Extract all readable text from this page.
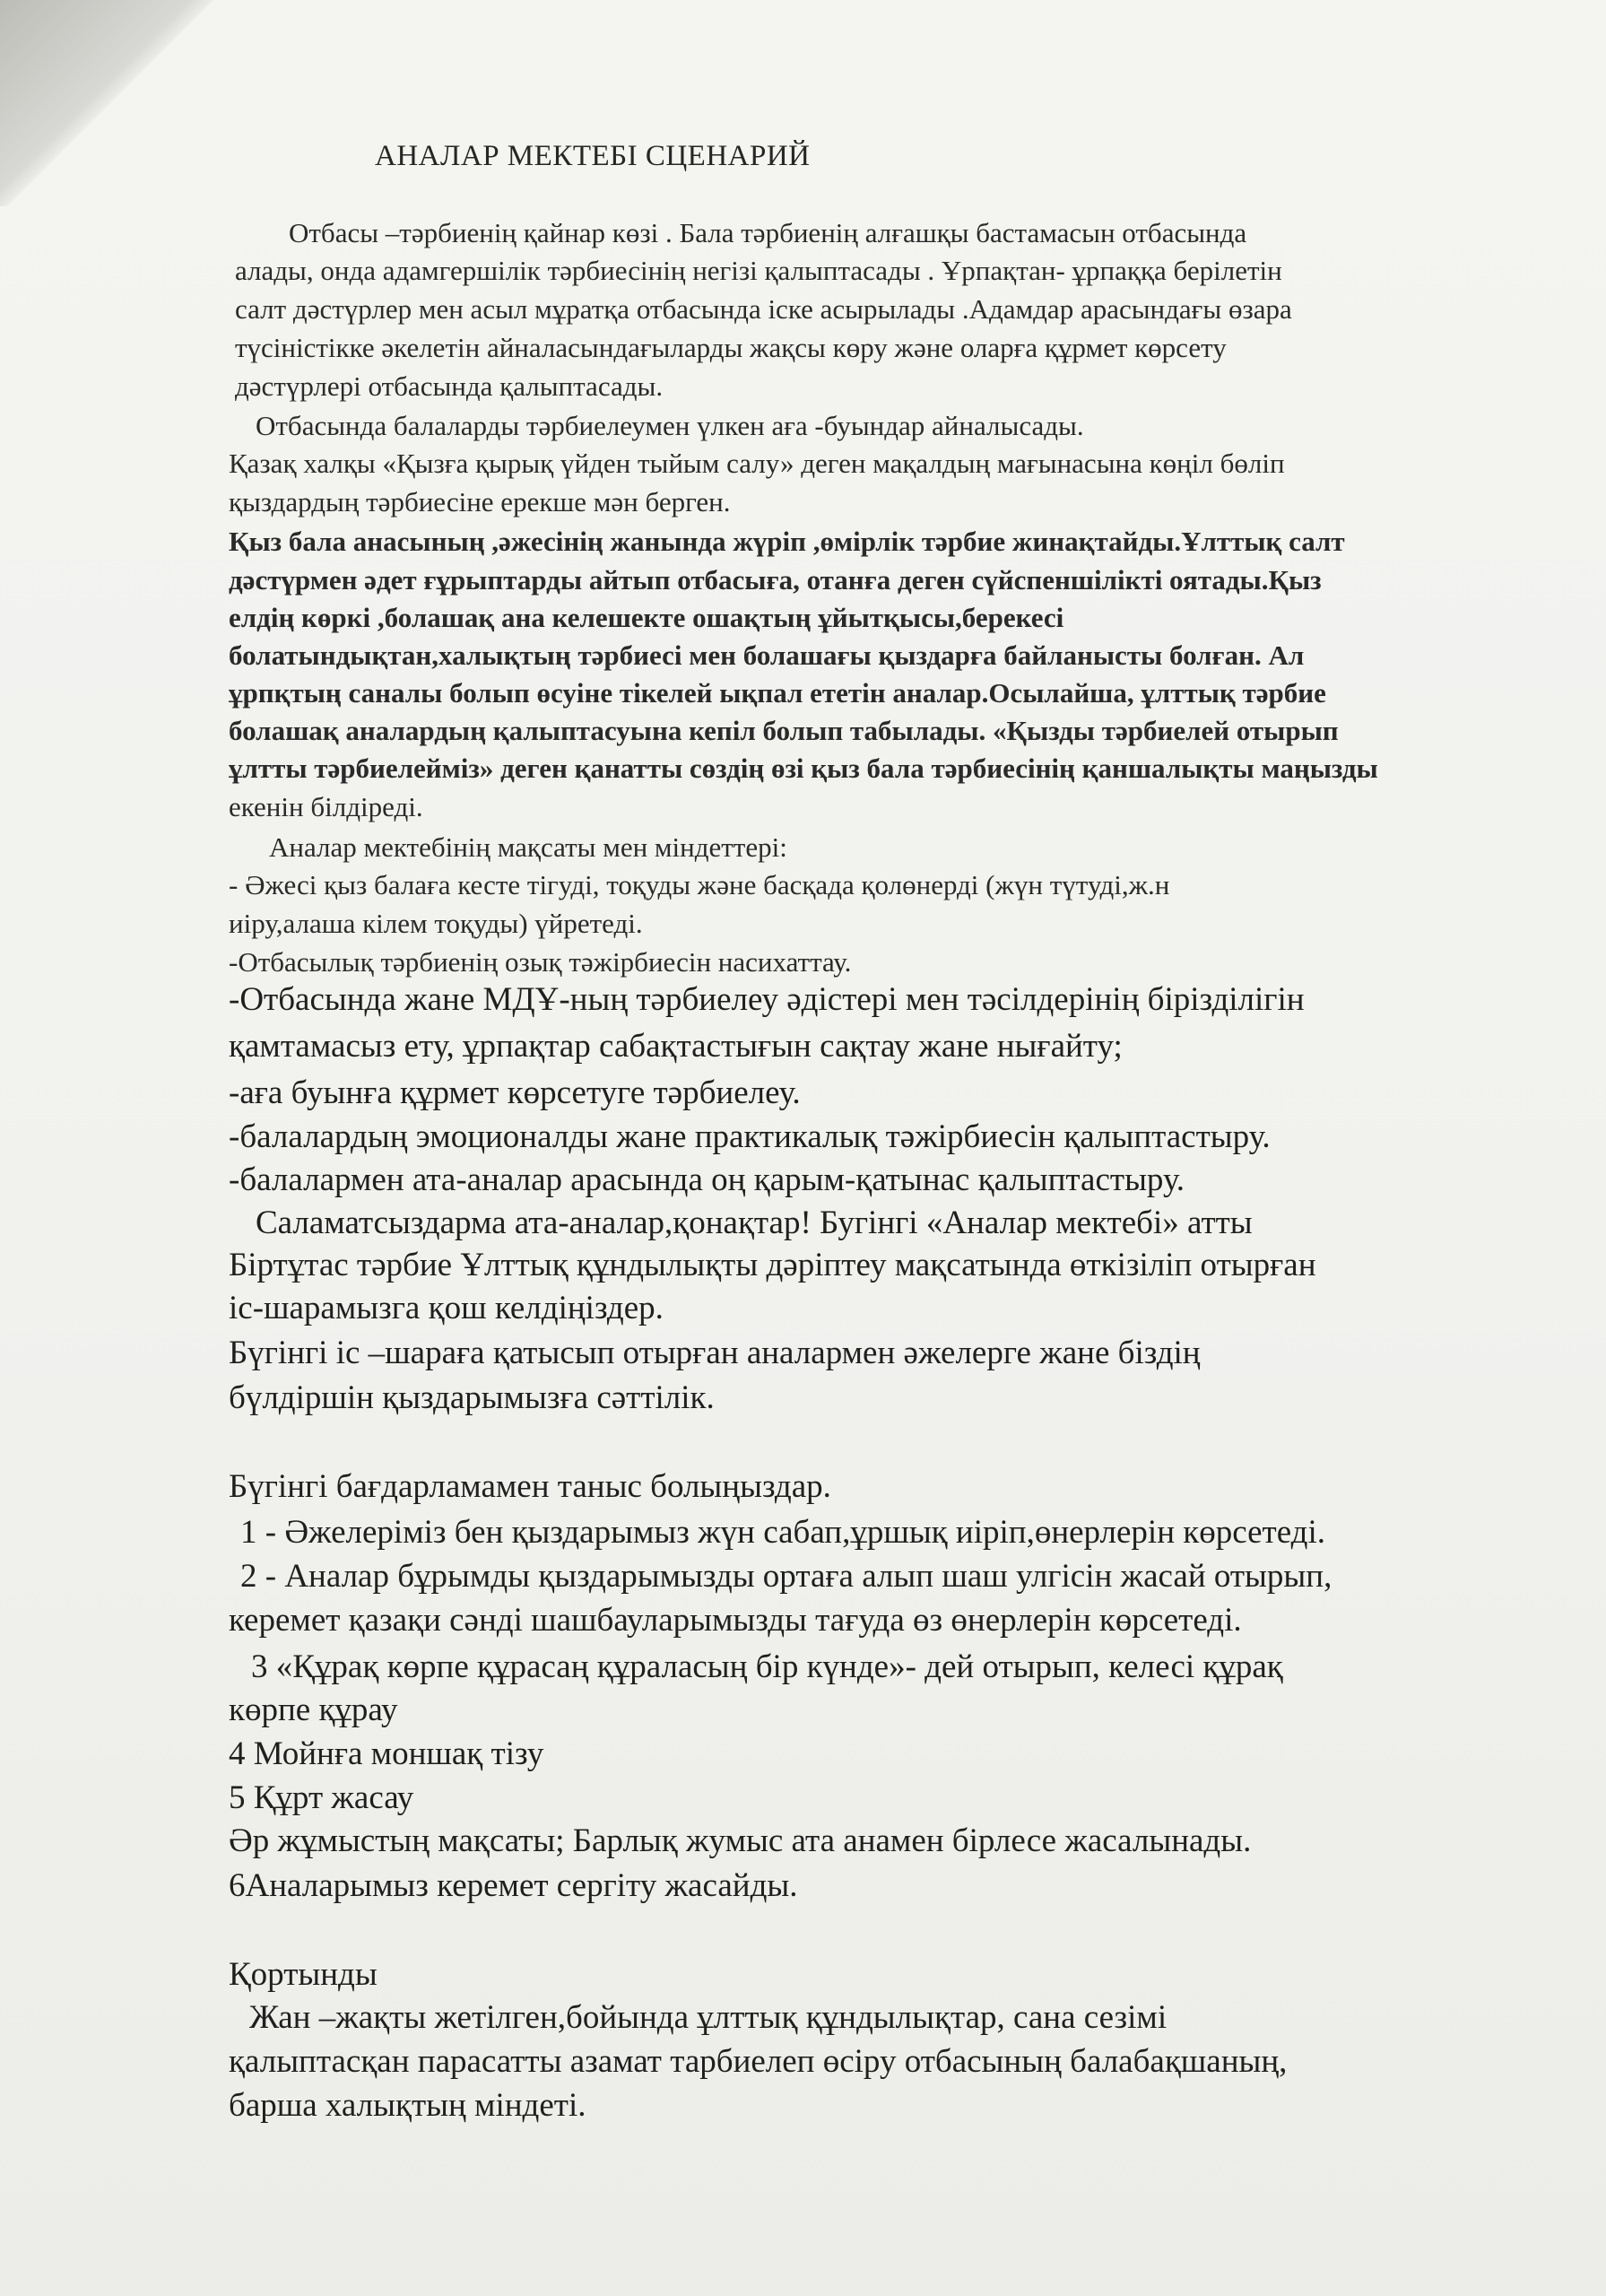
АНАЛАР МЕКТЕБІ СЦЕНАРИЙ

Отбасы –тәрбиенің қайнар көзі . Бала тәрбиенің алғашқы бастамасын отбасында

алады, онда адамгершілік тәрбиесінің негізі қалыптасады . Ұрпақтан- ұрпаққа берілетін

салт дәстүрлер мен асыл мұратқа отбасында іске асырылады .Адамдар арасындағы өзара

түсіністікке әкелетін айналасындағыларды жақсы көру және оларға құрмет көрсету

дәстүрлері отбасында қалыптасады.

Отбасында балаларды тәрбиелеумен үлкен аға -буындар айналысады.

Қазақ халқы «Қызға қырық үйден тыйым салу» деген мақалдың мағынасына көңіл бөліп

қыздардың тәрбиесіне ерекше мән берген.

Қыз бала анасының ,әжесінің жанында жүріп ,өмірлік тәрбие жинақтайды.Ұлттық салт

дәстүрмен әдет ғұрыптарды айтып отбасыға, отанға деген сүйспеншілікті оятады.Қыз

елдің көркі ,болашақ ана келешекте ошақтың ұйытқысы,берекесі

болатындықтан,халықтың тәрбиесі мен болашағы қыздарға байланысты болған. Ал

ұрпқтың саналы болып өсуіне тікелей ықпал ететін аналар.Осылайша, ұлттық тәрбие

болашақ аналардың қалыптасуына кепіл болып табылады. «Қызды тәрбиелей отырып

ұлтты тәрбиелейміз» деген қанатты сөздің өзі қыз бала тәрбиесінің қаншалықты маңызды

екенін білдіреді.

Аналар мектебінің мақсаты мен міндеттері:

- Әжесі қыз балаға кесте тігуді, тоқуды және басқада қолөнерді (жүн түтуді,ж.н

иіру,алаша кілем тоқуды) үйретеді.

-Отбасылық тәрбиенің озық тәжірбиесін насихаттау.

-Отбасында жане МДҰ-ның тәрбиелеу әдістері мен тәсілдерінің бірізділігін

қамтамасыз ету, ұрпақтар сабақтастығын сақтау жане нығайту;

-аға буынға құрмет көрсетуге тәрбиелеу.

-балалардың эмоционалды жане практикалық тәжірбиесін қалыптастыру.

-балалармен ата-аналар арасында оң қарым-қатынас қалыптастыру.

Саламатсыздарма ата-аналар,қонақтар! Бугінгі «Аналар мектебі» атты

Біртұтас тәрбие Ұлттық құндылықты дәріптеу мақсатында өткізіліп отырған

іс-шарамызга қош келдіңіздер.

Бүгінгі іс –шараға қатысып отырған аналармен әжелерге жане біздің

бүлдіршін қыздарымызға сәттілік.

Бүгінгі бағдарламамен таныс болыңыздар.

1 - Әжелеріміз бен қыздарымыз жүн сабап,ұршық иіріп,өнерлерін көрсетеді.

2 - Аналар бұрымды қыздарымызды ортаға алып шаш улгісін жасай отырып,

керемет қазақи сәнді шашбауларымызды тағуда өз өнерлерін көрсетеді.

3 «Құрақ көрпе құрасаң құраласың бір күнде»- дей отырып, келесі құрақ

көрпе құрау

4 Мойнға моншақ тізу

5 Құрт жасау

Әр жұмыстың мақсаты; Барлық жумыс ата анамен бірлесе жасалынады.

6Аналарымыз керемет сергіту жасайды.

Қортынды

Жан –жақты жетілген,бойында ұлттық құндылықтар, сана сезімі

қалыптасқан парасатты азамат тарбиелеп өсіру отбасының балабақшаның,

барша халықтың міндеті.
